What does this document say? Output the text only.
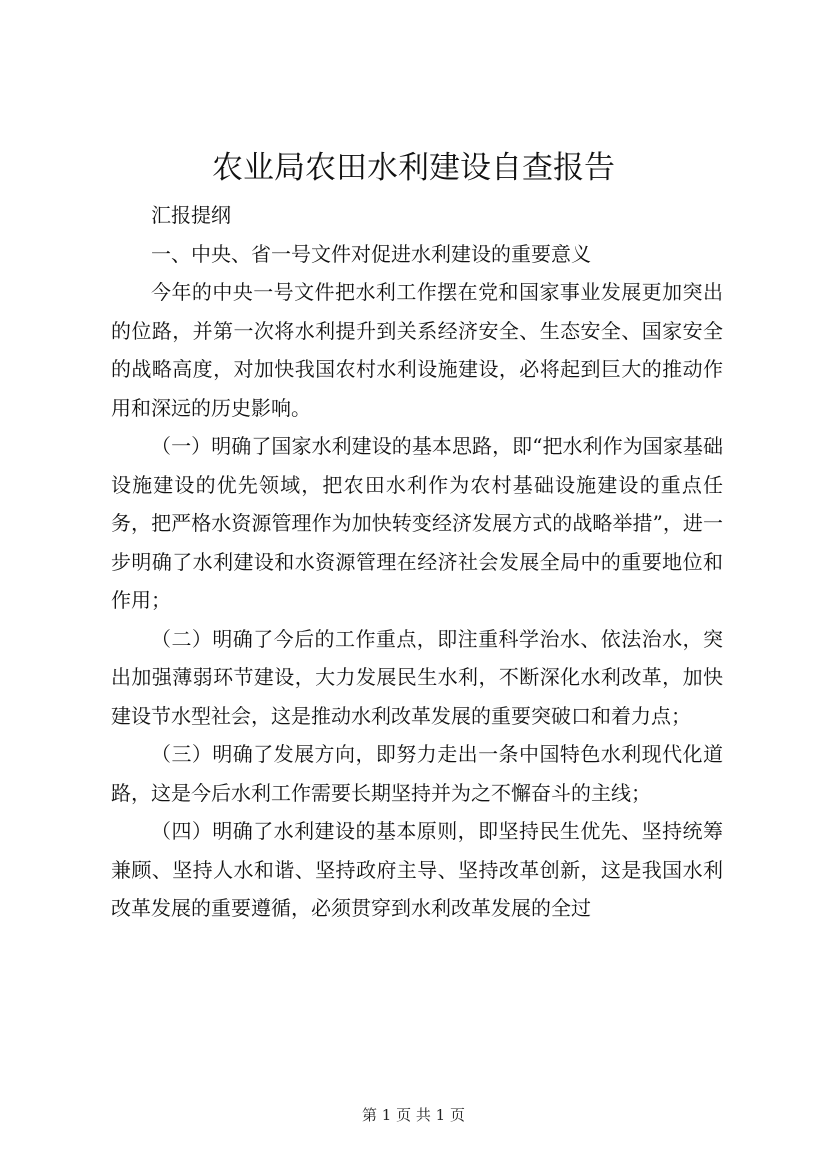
农业局农田水利建设自查报告

汇报提纲

一、中央、省一号文件对促进水利建设的重要意义

今年的中央一号文件把水利工作摆在党和国家事业发展更加突出的位路，并第一次将水利提升到关系经济安全、生态安全、国家安全的战略高度，对加快我国农村水利设施建设，必将起到巨大的推动作用和深远的历史影响。

（一）明确了国家水利建设的基本思路，即“把水利作为国家基础设施建设的优先领域，把农田水利作为农村基础设施建设的重点任务，把严格水资源管理作为加快转变经济发展方式的战略举措”，进一步明确了水利建设和水资源管理在经济社会发展全局中的重要地位和作用；

（二）明确了今后的工作重点，即注重科学治水、依法治水，突出加强薄弱环节建设，大力发展民生水利，不断深化水利改革，加快建设节水型社会，这是推动水利改革发展的重要突破口和着力点；

（三）明确了发展方向，即努力走出一条中国特色水利现代化道路，这是今后水利工作需要长期坚持并为之不懈奋斗的主线；

（四）明确了水利建设的基本原则，即坚持民生优先、坚持统筹兼顾、坚持人水和谐、坚持政府主导、坚持改革创新，这是我国水利改革发展的重要遵循，必须贯穿到水利改革发展的全过

第 1 页 共 1 页
